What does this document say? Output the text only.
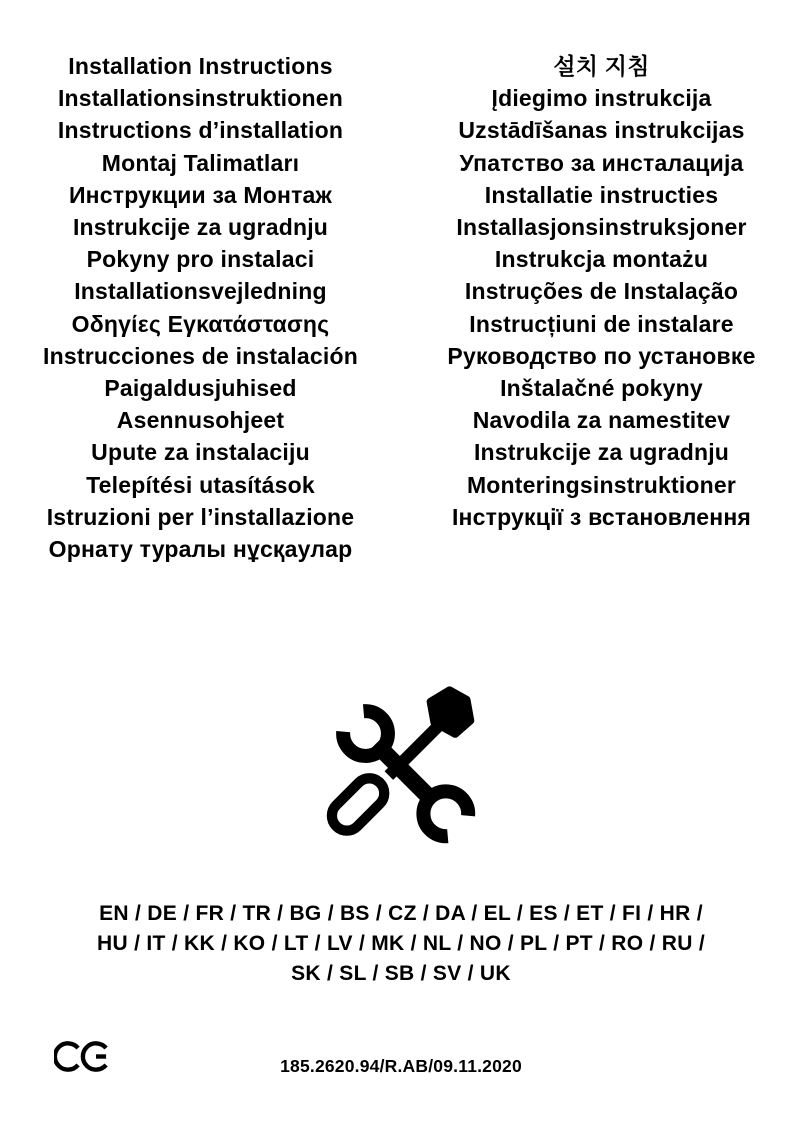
Installation Instructions
Installationsinstruktionen
Instructions d’installation
Montaj Talimatları
Инструкции за Монтаж
Instrukcije za ugradnju
Pokyny pro instalaci
Installationsvejledning
Οδηγίες Εγκατάστασης
Instrucciones de instalación
Paigaldusjuhised
Asennusohjeet
Upute za instalaciju
Telepítési utasítások
Istruzioni per l’installazione
Орнату туралы нұсқаулар
설치 지침
Įdiegimo instrukcija
Uzstādīšanas instrukcijas
Упатство за инсталација
Installatie instructies
Installasjonsinstruksjoner
Instrukcja montażu
Instruções de Instalação
Instrucțiuni de instalare
Руководство по установке
Inštalačné pokyny
Navodila za namestitev
Instrukcije za ugradnju
Monteringsinstruktioner
Інструкції з встановлення
EN / DE / FR / TR / BG / BS / CZ / DA / EL / ES / ET / FI / HR /
HU / IT / KK / KO / LT / LV / MK / NL / NO / PL / PT / RO / RU /
SK / SL / SB / SV / UK
185.2620.94/R.AB/09.11.2020
